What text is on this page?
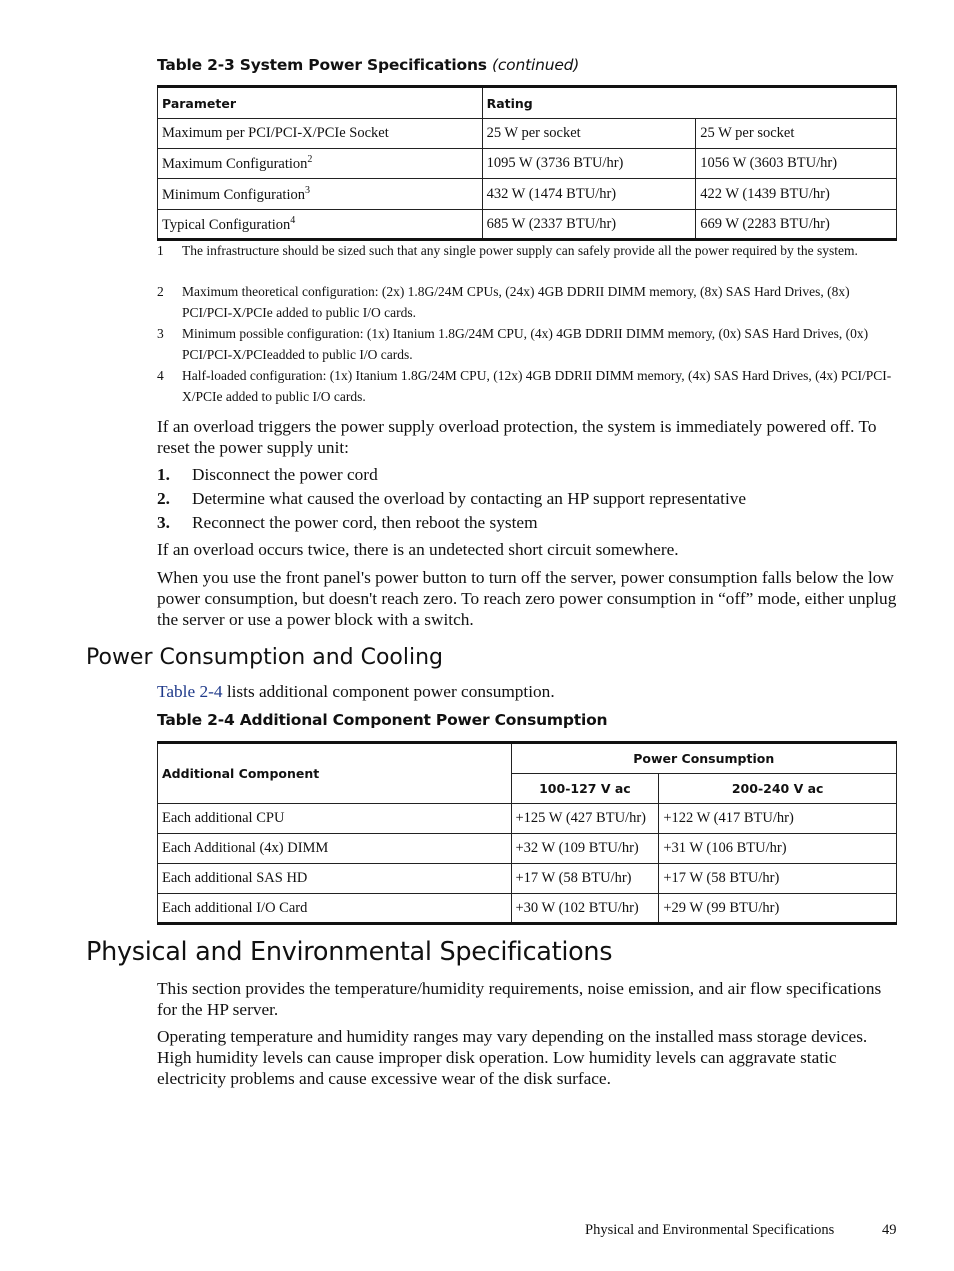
Table 2-3 System Power Specifications (continued)
Parameter	Rating	
Maximum per PCI/PCI-X/PCIe Socket	25 W per socket	25 W per socket
Maximum Configuration$^2$	1095 W (3736 BTU/hr)	1056 W (3603 BTU/hr)
Minimum Configuration$^3$	432 W (1474 BTU/hr)	422 W (1439 BTU/hr)
Typical Configuration$^4$	685 W (2337 BTU/hr)	669 W (2283 BTU/hr)
1 The infrastructure should be sized such that any single power supply can safely provide all the power required by the system.
2 Maximum theoretical configuration: (2x) 1.8G/24M CPUs, (24x) 4GB DDRII DIMM memory, (8x) SAS Hard Drives, (8x) PCI/PCI-X/PCIe added to public I/O cards.
3 Minimum possible configuration: (1x) Itanium 1.8G/24M CPU, (4x) 4GB DDRII DIMM memory, (0x) SAS Hard Drives, (0x) PCI/PCI-X/PCIeadded to public I/O cards.
4 Half-loaded configuration: (1x) Itanium 1.8G/24M CPU, (12x) 4GB DDRII DIMM memory, (4x) SAS Hard Drives, (4x) PCI/PCI-X/PCIe added to public I/O cards.
If an overload triggers the power supply overload protection, the system is immediately powered off. To reset the power supply unit:
1. Disconnect the power cord
2. Determine what caused the overload by contacting an HP support representative
3. Reconnect the power cord, then reboot the system
If an overload occurs twice, there is an undetected short circuit somewhere.
When you use the front panel's power button to turn off the server, power consumption falls below the low power consumption, but doesn't reach zero. To reach zero power consumption in “off” mode, either unplug the server or use a power block with a switch.
Power Consumption and Cooling
Table 2-4 lists additional component power consumption.
Table 2-4 Additional Component Power Consumption
Additional Component	Power Consumption	
	100-127 V ac	200-240 V ac
Each additional CPU	+125 W (427 BTU/hr)	+122 W (417 BTU/hr)
Each Additional (4x) DIMM	+32 W (109 BTU/hr)	+31 W (106 BTU/hr)
Each additional SAS HD	+17 W (58 BTU/hr)	+17 W (58 BTU/hr)
Each additional I/O Card	+30 W (102 BTU/hr)	+29 W (99 BTU/hr)
Physical and Environmental Specifications
This section provides the temperature/humidity requirements, noise emission, and air flow specifications for the HP server.
Operating temperature and humidity ranges may vary depending on the installed mass storage devices. High humidity levels can cause improper disk operation. Low humidity levels can aggravate static electricity problems and cause excessive wear of the disk surface.
Physical and Environmental Specifications	49
